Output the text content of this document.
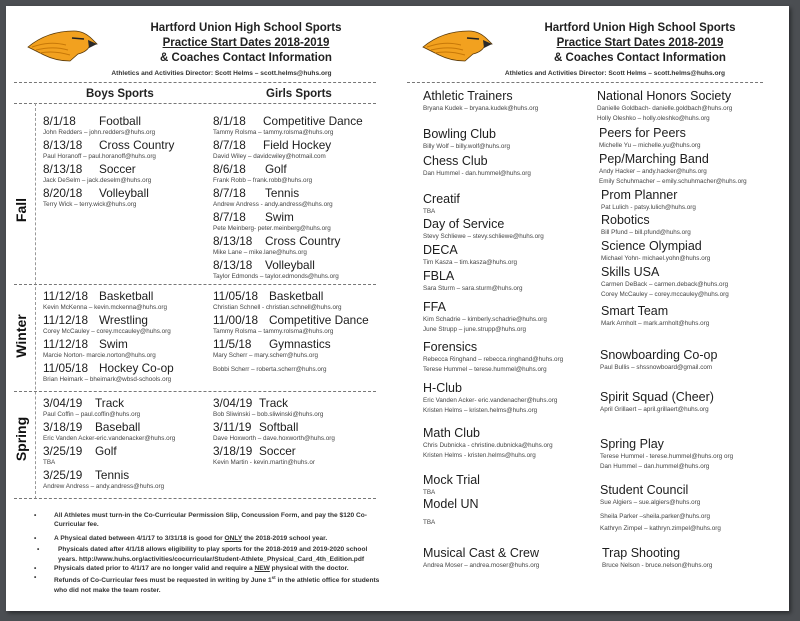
Hartford Union High School Sports
Practice Start Dates 2018-2019
& Coaches Contact Information
Athletics and Activities Director: Scott Helms – scott.helms@huhs.org
Boys Sports	Girls Sports
Fall
Winter
Spring
8/1/18 Football
John Redders – john.redders@huhs.org
8/13/18 Cross Country
Paul Horanoff – paul.horanoff@huhs.org
8/13/18 Soccer
Jack DeSelm – jack.deselm@huhs.org
8/20/18 Volleyball
Terry Wick – terry.wick@huhs.org
8/1/18 Competitive Dance
Tammy Rolsma – tammy.rolsma@huhs.org
8/7/18 Field Hockey
David Wiley – davidcwiley@hotmail.com
8/6/18 Golf
Frank Robb – frank.robb@huhs.org
8/7/18 Tennis
Andrew Andress - andy.andress@huhs.org
8/7/18 Swim
Pete Meinberg- peter.meinberg@huhs.org
8/13/18 Cross Country
Mike Lane – mike.lane@huhs.org
8/13/18 Volleyball
Taylor Edmonds – taylor.edmonds@huhs.org
11/12/18 Basketball
Kevin McKenna – kevin.mckenna@huhs.org
11/12/18 Wrestling
Corey McCauley – corey.mccauley@huhs.org
11/12/18 Swim
Marcie Norton- marcie.norton@huhs.org
11/05/18 Hockey Co-op
Brian Heimark – bheimark@wbsd-schools.org
11/05/18 Basketball
Christian Schnell - christian.schnell@huhs.org
11/00/18 Competitive Dance
Tammy Rolsma – tammy.rolsma@huhs.org
11/5/18 Gymnastics
Mary Scherr – mary.scherr@huhs.org
Bobbi Scherr – roberta.scherr@huhs.org
3/04/19 Track
Paul Coffin – paul.coffin@huhs.org
3/18/19 Baseball
Eric Vanden Acker-eric.vandenacker@huhs.org
3/25/19 Golf
TBA
3/25/19 Tennis
Andrew Andress – andy.andress@huhs.org
3/04/19 Track
Bob Sliwinski – bob.sliwinski@huhs.org
3/11/19 Softball
Dave Hoxworth – dave.hoxworth@huhs.org
3/18/19 Soccer
Kevin Martin - kevin.martin@huhs.or
• All Athletes must turn-in the Co-Curricular Permission Slip, Concussion Form, and pay the $120 Co-Curricular fee.
• A Physical dated between 4/1/17 to 3/31/18 is good for ONLY the 2018-2019 school year.
• Physicals dated after 4/1/18 allows eligibility to play sports for the 2018-2019 and 2019-2020 school years. http://www.huhs.org/activities/cocurricular/Student-Athlete_Physical_Card_4th_Edition.pdf
• Physicals dated prior to 4/1/17 are no longer valid and require a NEW physical with the doctor.
• Refunds of Co-Curricular fees must be requested in writing by June 1st in the athletic office for students who did not make the team roster.
Hartford Union High School Sports
Practice Start Dates 2018-2019
& Coaches Contact Information
Athletics and Activities Director: Scott Helms – scott.helms@huhs.org
Athletic Trainers
Bryana Kudek – bryana.kudek@huhs.org
Bowling Club
Billy Wolf – billy.wolf@huhs.org
Chess Club
Dan Hummel - dan.hummel@huhs.org
Creatif
TBA
Day of Service
Stevy Schliewe – stevy.schliewe@huhs.org
DECA
Tim Kasza – tim.kasza@huhs.org
FBLA
Sara Sturm – sara.sturm@huhs.org
FFA
Kim Schadrie – kimberly.schadrie@huhs.org
June Strupp – june.strupp@huhs.org
Forensics
Rebecca Ringhand – rebecca.ringhand@huhs.org
Terese Hummel – terese.hummel@huhs.org
H-Club
Eric Vanden Acker- eric.vandenacher@huhs.org
Kristen Helms – kristen.helms@huhs.org
Math Club
Chris Dubnicka - christine.dubnicka@huhs.org
Kristen Helms - kristen.helms@huhs.org
Mock Trial
TBA
Model UN
TBA
Musical Cast & Crew
Andrea Moser – andrea.moser@huhs.org
National Honors Society
Danielle Goldbach- danielle.goldbach@huhs.org
Holly Oleshko – holly.oleshko@huhs.org
Peers for Peers
Michelle Yu – michelle.yu@huhs.org
Pep/Marching Band
Andy Hacker – andy.hacker@huhs.org
Emily Schuhmacher – emily.schuhmacher@huhs.org
Prom Planner
Pat Lulich - patsy.lulich@huhs.org
Robotics
Bill Pfund – bill.pfund@huhs.org
Science Olympiad
Michael Yohn- michael.yohn@huhs.org
Skills USA
Carmen DeBack – carmen.deback@huhs.org
Corey McCauley – corey.mccauley@huhs.org
Smart Team
Mark Arnholt – mark.arnholt@huhs.org
Snowboarding Co-op
Paul Bullis – shssnowboard@gmail.com
Spirit Squad (Cheer)
April Grillaert – april.grillaert@huhs.org
Spring Play
Terese Hummel - terese.hummel@huhs.org org
Dan Hummel – dan.hummel@huhs.org
Student Council
Sue Algiers – sue.algiers@huhs.org
Sheila Parker –sheila.parker@huhs.org
Kathryn Zimpel – kathryn.zimpel@huhs.org
Trap Shooting
Bruce Nelson - bruce.nelson@huhs.org
